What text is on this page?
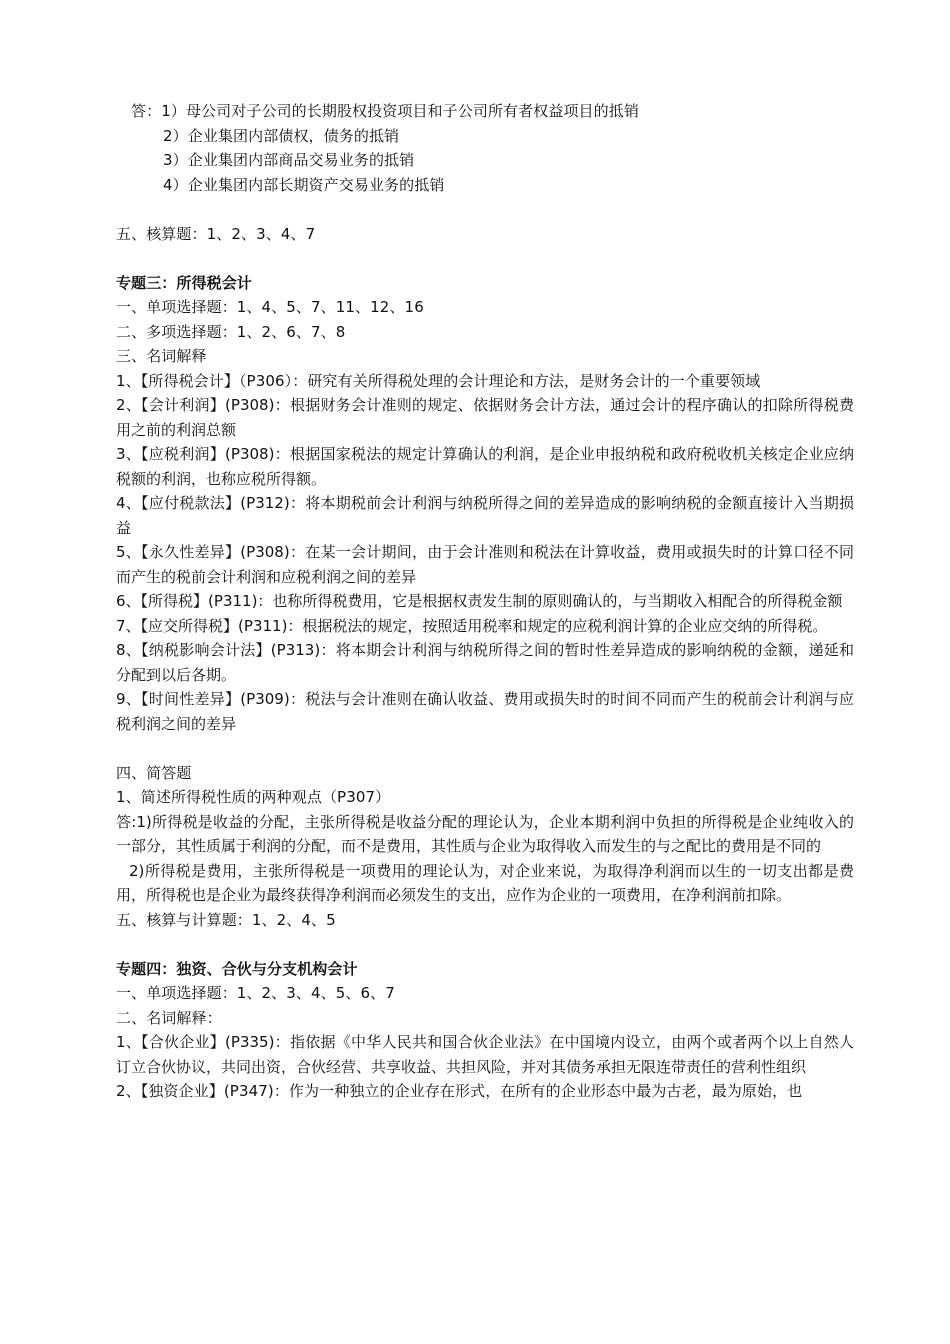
答：1）母公司对子公司的长期股权投资项目和子公司所有者权益项目的抵销
2）企业集团内部债权，债务的抵销
3）企业集团内部商品交易业务的抵销
4）企业集团内部长期资产交易业务的抵销
五、核算题：1、2、3、4、7
专题三：所得税会计
一、单项选择题：1、4、5、7、11、12、16
二、多项选择题：1、2、6、7、8
三、名词解释
1、【所得税会计】（P306）：研究有关所得税处理的会计理论和方法，是财务会计的一个重要领域
2、【会计利润】(P308)：根据财务会计准则的规定、依据财务会计方法，通过会计的程序确认的扣除所得税费用之前的利润总额
3、【应税利润】(P308)：根据国家税法的规定计算确认的利润，是企业申报纳税和政府税收机关核定企业应纳税额的利润，也称应税所得额。
4、【应付税款法】(P312)：将本期税前会计利润与纳税所得之间的差异造成的影响纳税的金额直接计入当期损益
5、【永久性差异】(P308)：在某一会计期间，由于会计准则和税法在计算收益，费用或损失时的计算口径不同而产生的税前会计利润和应税利润之间的差异
6、【所得税】(P311)：也称所得税费用，它是根据权责发生制的原则确认的，与当期收入相配合的所得税金额
7、【应交所得税】(P311)：根据税法的规定，按照适用税率和规定的应税利润计算的企业应交纳的所得税。
8、【纳税影响会计法】(P313)：将本期会计利润与纳税所得之间的暂时性差异造成的影响纳税的金额，递延和分配到以后各期。
9、【时间性差异】(P309)：税法与会计准则在确认收益、费用或损失时的时间不同而产生的税前会计利润与应税利润之间的差异
四、简答题
1、简述所得税性质的两种观点（P307）
答:1)所得税是收益的分配，主张所得税是收益分配的理论认为，企业本期利润中负担的所得税是企业纯收入的一部分，其性质属于利润的分配，而不是费用，其性质与企业为取得收入而发生的与之配比的费用是不同的
2)所得税是费用，主张所得税是一项费用的理论认为，对企业来说，为取得净利润而以生的一切支出都是费用，所得税也是企业为最终获得净利润而必须发生的支出，应作为企业的一项费用，在净利润前扣除。
五、核算与计算题：1、2、4、5
专题四：独资、合伙与分支机构会计
一、单项选择题：1、2、3、4、5、6、7
二、名词解释：
1、【合伙企业】(P335)：指依据《中华人民共和国合伙企业法》在中国境内设立，由两个或者两个以上自然人订立合伙协议，共同出资，合伙经营、共享收益、共担风险，并对其债务承担无限连带责任的营利性组织
2、【独资企业】(P347)：作为一种独立的企业存在形式，在所有的企业形态中最为古老，最为原始，也
